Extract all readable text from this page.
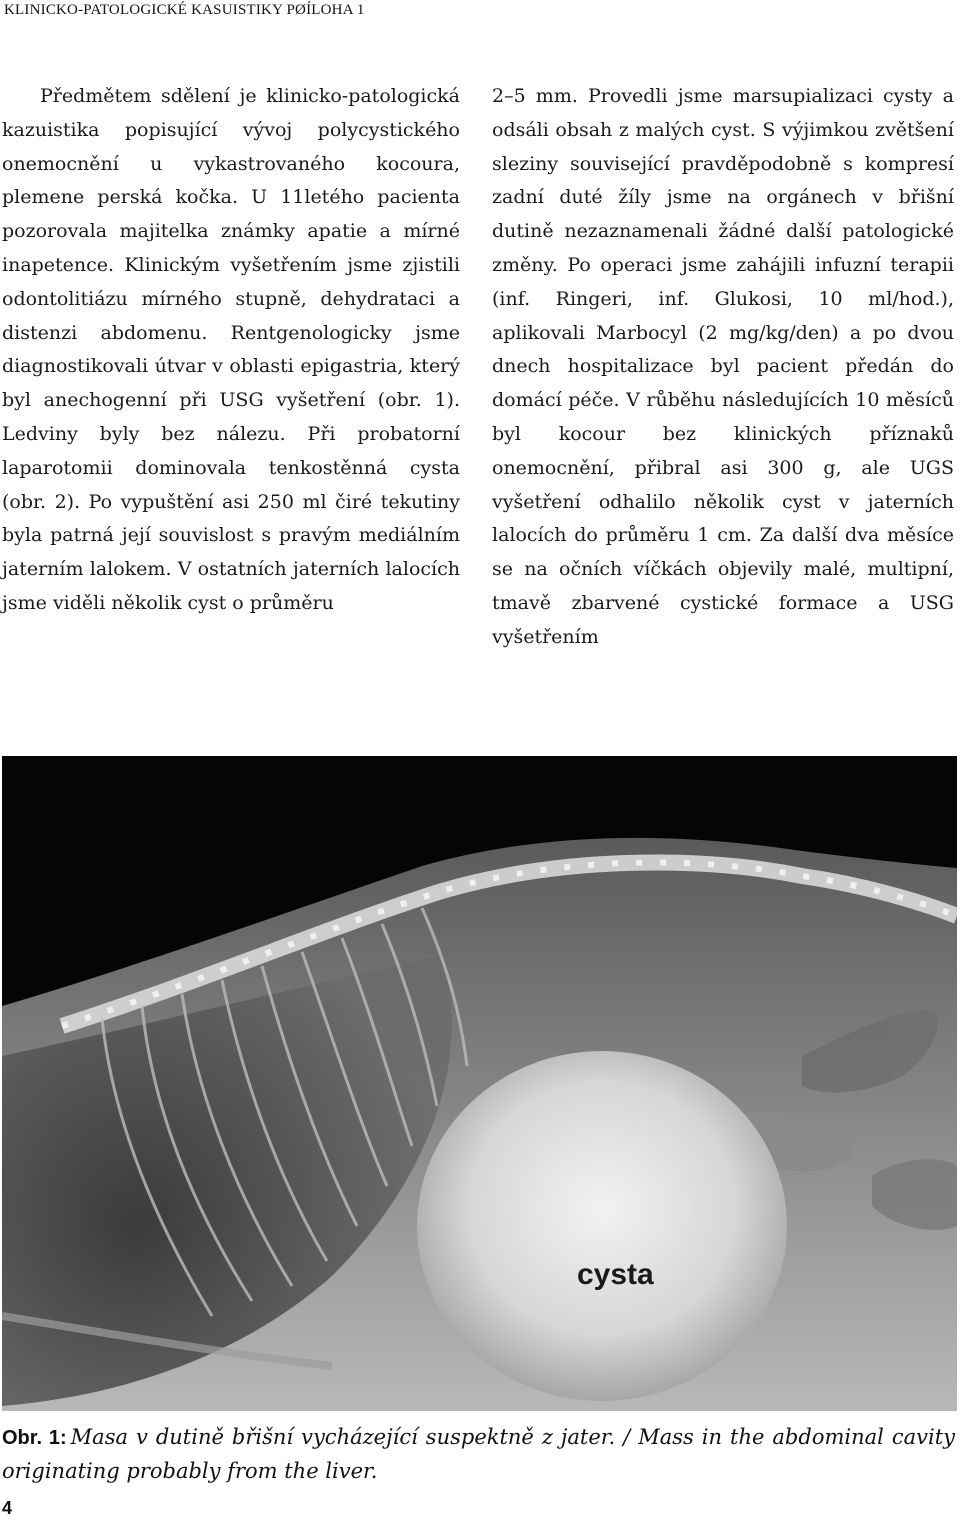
KLINICKO-PATOLOGICKÉ KASUISTIKY PØÍLOHA 1

Předmětem sdělení je klinicko-patologická kazuistika popisující vývoj polycystického onemocnění u vykastrovaného kocoura, plemene perská kočka. U 11letého pacienta pozorovala majitelka známky apatie a mírné inapetence. Klinickým vyšetřením jsme zjistili odontolitiázu mírného stupně, dehydrataci a distenzi abdomenu. Rentgenologicky jsme diagnostikovali útvar v oblasti epigastria, který byl anechogenní při USG vyšetření (obr. 1). Ledviny byly bez nálezu. Při probatorní laparotomii dominovala tenkostěnná cysta (obr. 2). Po vypuštění asi 250 ml čiré tekutiny byla patrná její souvislost s pravým mediálním jaterním lalokem. V ostatních jaterních lalocích jsme viděli několik cyst o průměru

2–5 mm. Provedli jsme marsupializaci cysty a odsáli obsah z malých cyst. S výjimkou zvětšení sleziny související pravděpodobně s kompresí zadní duté žíly jsme na orgánech v břišní dutině nezaznamenali žádné další patologické změny. Po operaci jsme zahájili infuzní terapii (inf. Ringeri, inf. Glukosi, 10 ml/hod.), aplikovali Marbocyl (2 mg/kg/den) a po dvou dnech hospitalizace byl pacient předán do domácí péče. V růběhu následujících 10 měsíců byl kocour bez klinických příznaků onemocnění, přibral asi 300 g, ale UGS vyšetření odhalilo několik cyst v jaterních lalocích do průměru 1 cm. Za další dva měsíce se na očních víčkách objevily malé, multipní, tmavě zbarvené cystické formace a USG vyšetřením

cysta
Obr. 1: Masa v dutině břišní vycházející suspektně z jater. / Mass in the abdominal cavity originating probably from the liver.
4
